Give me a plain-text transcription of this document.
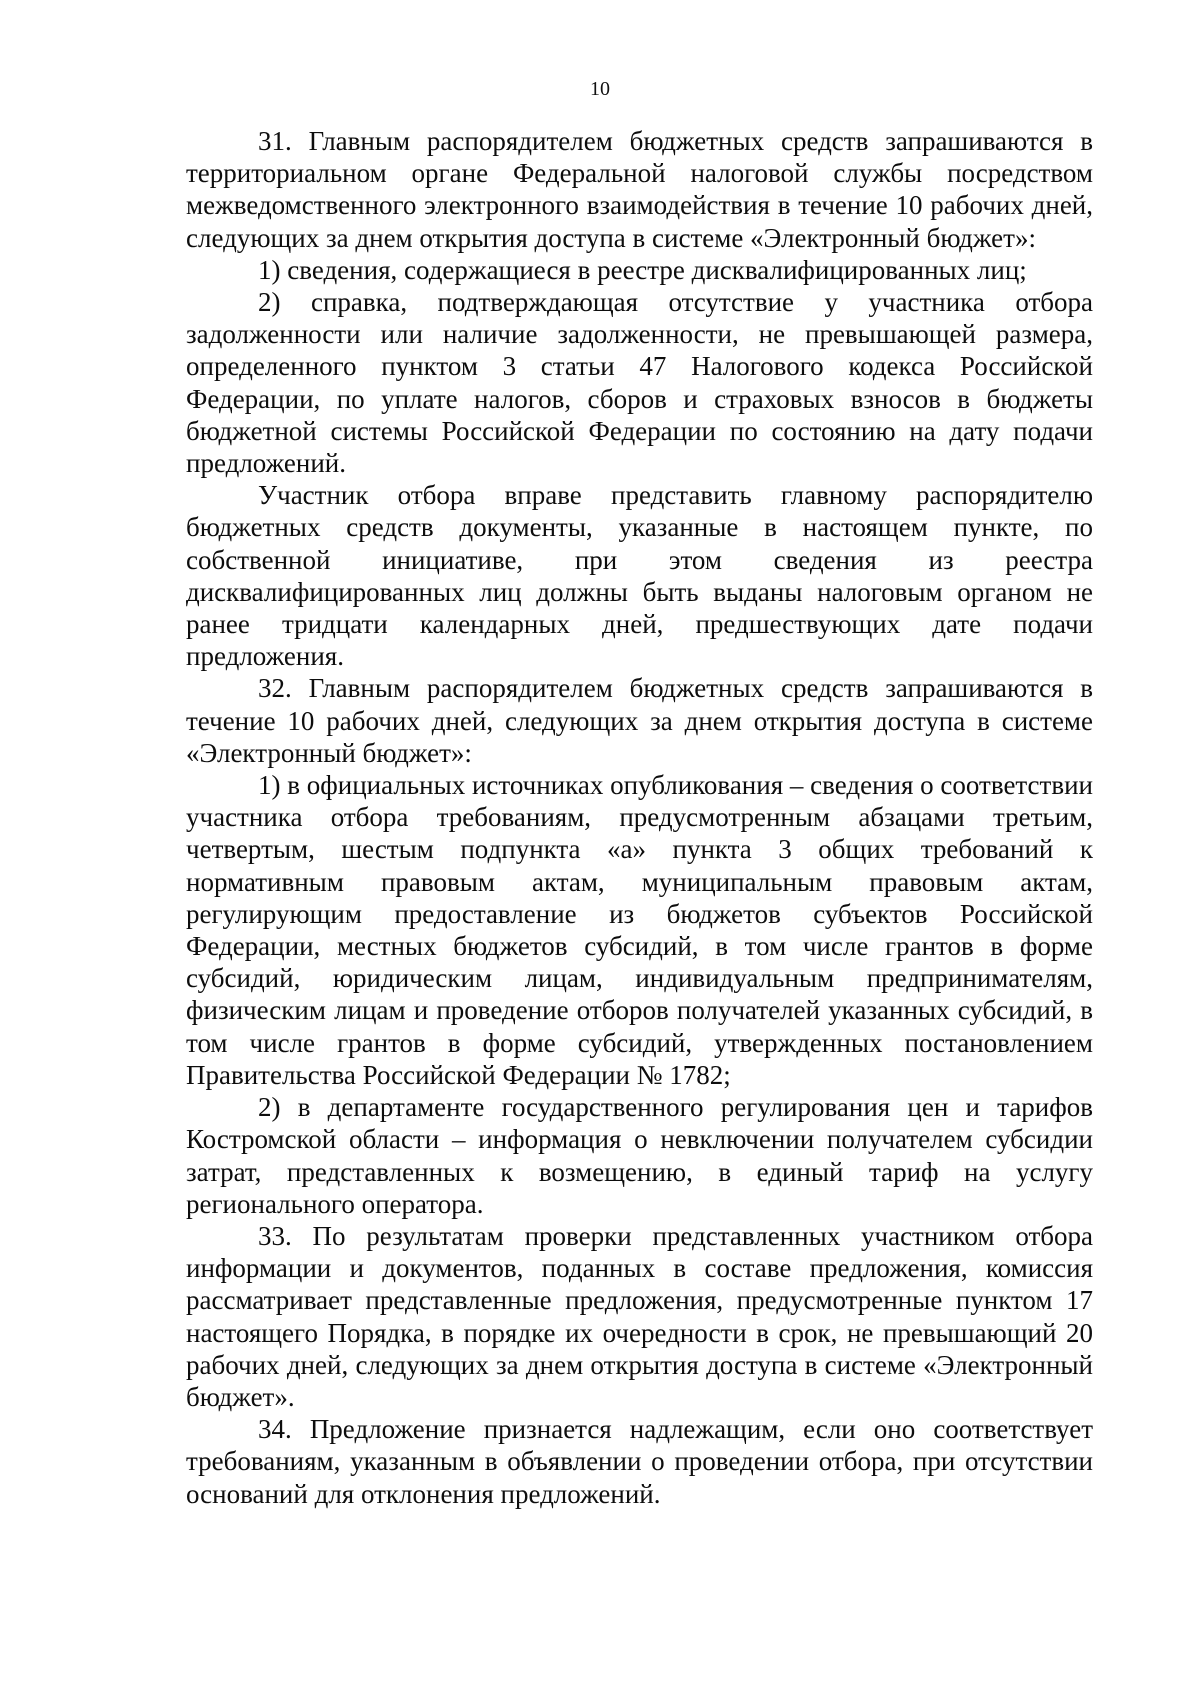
10

31. Главным распорядителем бюджетных средств запрашиваются в территориальном органе Федеральной налоговой службы посредством межведомственного электронного взаимодействия в течение 10 рабочих дней, следующих за днем открытия доступа в системе «Электронный бюджет»:

1) сведения, содержащиеся в реестре дисквалифицированных лиц;

2) справка, подтверждающая отсутствие у участника отбора задолженности или наличие задолженности, не превышающей размера, определенного пунктом 3 статьи 47 Налогового кодекса Российской Федерации, по уплате налогов, сборов и страховых взносов в бюджеты бюджетной системы Российской Федерации по состоянию на дату подачи предложений.

Участник отбора вправе представить главному распорядителю бюджетных средств документы, указанные в настоящем пункте, по собственной инициативе, при этом сведения из реестра дисквалифицированных лиц должны быть выданы налоговым органом не ранее тридцати календарных дней, предшествующих дате подачи предложения.

32. Главным распорядителем бюджетных средств запрашиваются в течение 10 рабочих дней, следующих за днем открытия доступа в системе «Электронный бюджет»:

1) в официальных источниках опубликования – сведения о соответствии участника отбора требованиям, предусмотренным абзацами третьим, четвертым, шестым подпункта «а» пункта 3 общих требований к нормативным правовым актам, муниципальным правовым актам, регулирующим предоставление из бюджетов субъектов Российской Федерации, местных бюджетов субсидий, в том числе грантов в форме субсидий, юридическим лицам, индивидуальным предпринимателям, физическим лицам и проведение отборов получателей указанных субсидий, в том числе грантов в форме субсидий, утвержденных постановлением Правительства Российской Федерации № 1782;

2) в департаменте государственного регулирования цен и тарифов Костромской области – информация о невключении получателем субсидии затрат, представленных к возмещению, в единый тариф на услугу регионального оператора.

33. По результатам проверки представленных участником отбора информации и документов, поданных в составе предложения, комиссия рассматривает представленные предложения, предусмотренные пунктом 17 настоящего Порядка, в порядке их очередности в срок, не превышающий 20 рабочих дней, следующих за днем открытия доступа в системе «Электронный бюджет».

34. Предложение признается надлежащим, если оно соответствует требованиям, указанным в объявлении о проведении отбора, при отсутствии оснований для отклонения предложений.
